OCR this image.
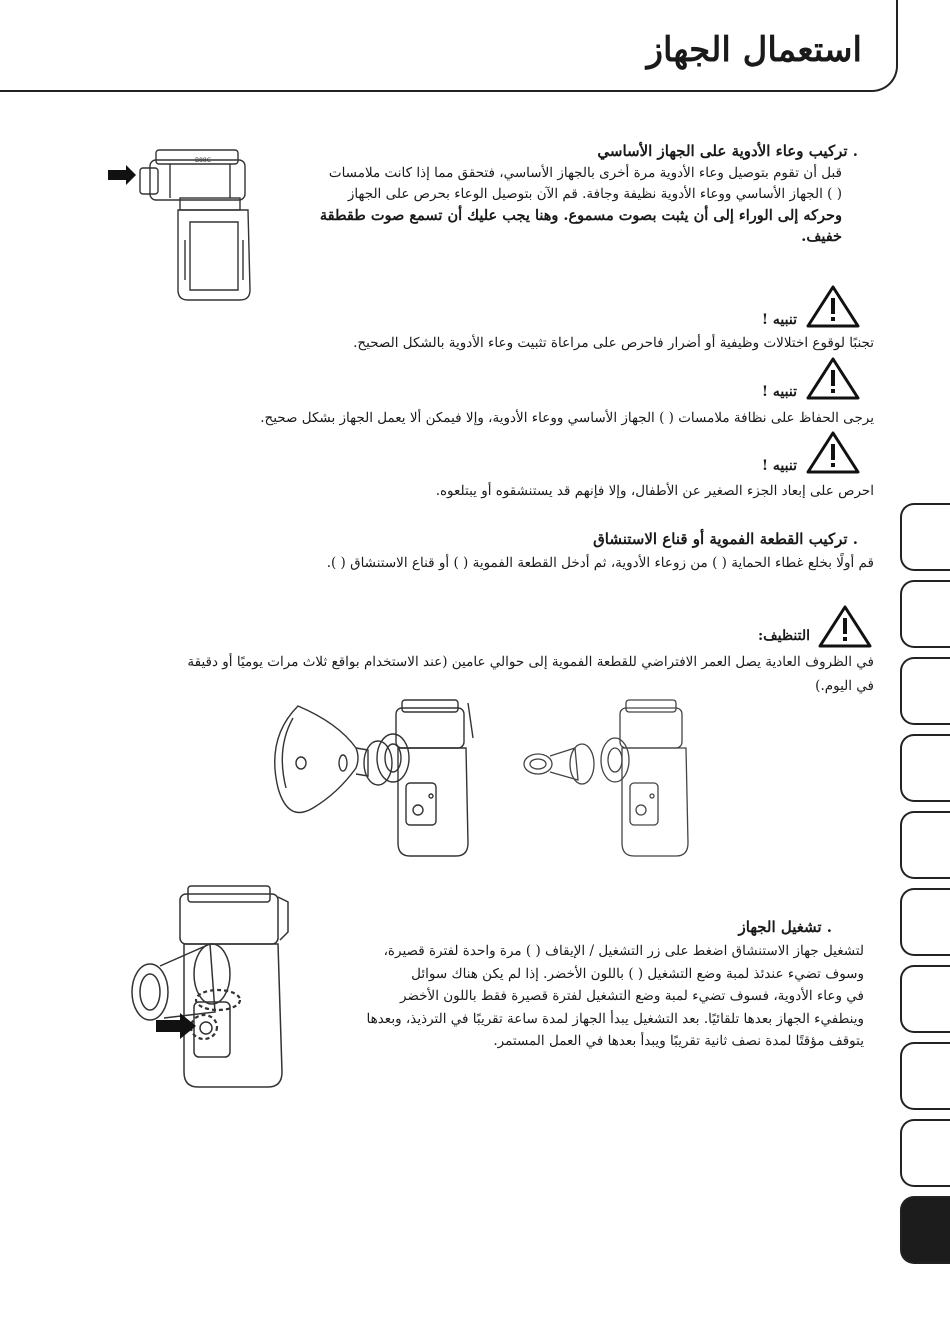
استعمال الجهاز
. تركيب وعاء الأدوية على الجهاز الأساسي
قبل أن تقوم بتوصيل وعاء الأدوية مرة أخرى بالجهاز الأساسي، فتحقق مما إذا كانت ملامسات
( ) الجهاز الأساسي ووعاء الأدوية نظيفة وجافة. قم الآن بتوصيل الوعاء بحرص على الجهاز
وحركه إلى الوراء إلى أن يثبت بصوت مسموع. وهنا يجب عليك أن تسمع صوت طقطقة
خفيف.
B88C
تنبيه !
تجنبًا لوقوع اختلالات وظيفية أو أضرار فاحرص على مراعاة تثبيت وعاء الأدوية بالشكل الصحيح.
تنبيه !
يرجى الحفاظ على نظافة ملامسات ( ) الجهاز الأساسي ووعاء الأدوية، وإلا فيمكن ألا يعمل الجهاز بشكل صحيح.
تنبيه !
احرص على إبعاد الجزء الصغير عن الأطفال، وإلا فإنهم قد يستنشقوه أو يبتلعوه.
. تركيب القطعة الفموية أو قناع الاستنشاق
قم أولًا بخلع غطاء الحماية ( ) من زوعاء الأدوية، ثم أدخل القطعة الفموية ( ) أو قناع الاستنشاق ( ).
التنظيف:
في الظروف العادية يصل العمر الافتراضي للقطعة الفموية إلى حوالي عامين (عند الاستخدام بواقع ثلاث مرات يوميًا أو دقيقة
في اليوم.)
. تشغيل الجهاز
لتشغيل جهاز الاستنشاق اضغط على زر التشغيل / الإيقاف ( ) مرة واحدة لفترة قصيرة،
وسوف تضيء عندئذ لمبة وضع التشغيل ( ) باللون الأخضر. إذا لم يكن هناك سوائل
في وعاء الأدوية، فسوف تضيء لمبة وضع التشغيل لفترة قصيرة فقط باللون الأخضر
وينطفيء الجهاز بعدها تلقائيًا. بعد التشغيل يبدأ الجهاز لمدة ساعة تقريبًا في الترذيذ، وبعدها
يتوقف مؤقتًا لمدة نصف ثانية تقريبًا ويبدأ بعدها في العمل المستمر.
